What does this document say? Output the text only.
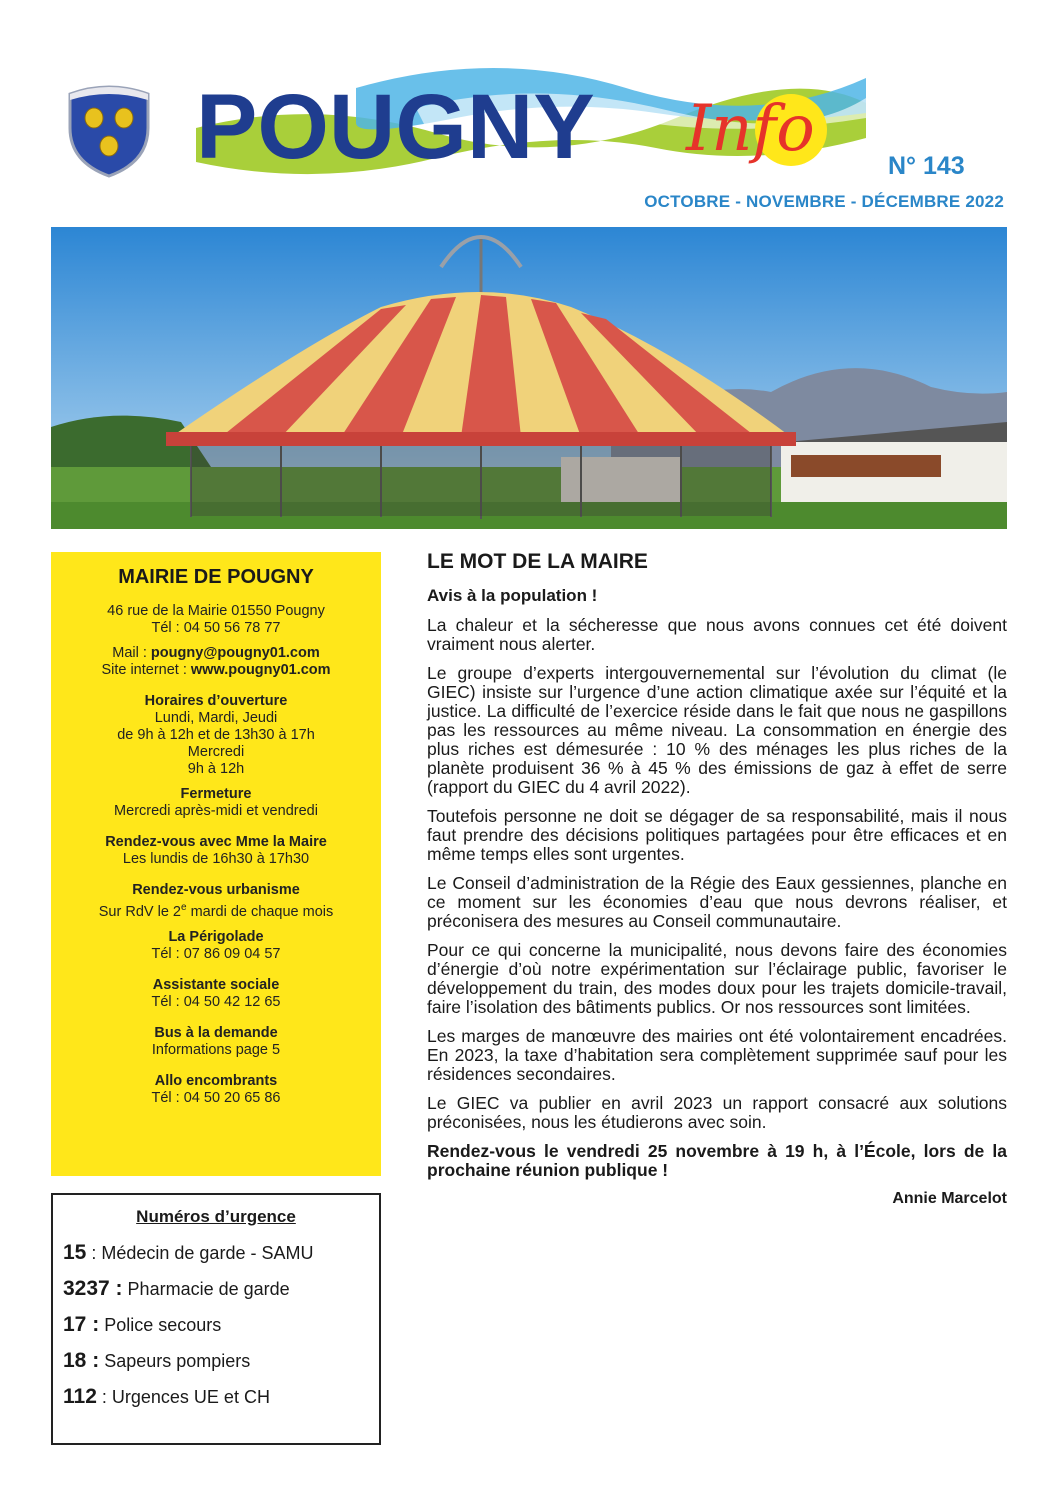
POUGNY Info	N° 143
OCTOBRE - NOVEMBRE - DÉCEMBRE 2022
MAIRIE DE POUGNY
46 rue de la Mairie 01550 Pougny
Tél : 04 50 56 78 77
Mail : pougny@pougny01.com
Site internet : www.pougny01.com
Horaires d’ouverture
Lundi, Mardi, Jeudi
de 9h à 12h et de 13h30 à 17h
Mercredi
9h à 12h
Fermeture
Mercredi après-midi et vendredi
Rendez-vous avec Mme la Maire
Les lundis de 16h30 à 17h30
Rendez-vous urbanisme
Sur RdV le 2e mardi de chaque mois
La Périgolade
Tél : 07 86 09 04 57
Assistante sociale
Tél : 04 50 42 12 65
Bus à la demande
Informations page 5
Allo encombrants
Tél : 04 50 20 65 86
Numéros d’urgence
15 : Médecin de garde - SAMU
3237 : Pharmacie de garde
17 : Police secours
18 : Sapeurs pompiers
112 : Urgences UE et CH
LE MOT DE LA MAIRE
Avis à la population !

La chaleur et la sécheresse que nous avons connues cet été doivent vraiment nous alerter.

Le groupe d’experts intergouvernemental sur l’évolution du climat (le GIEC) insiste sur l’urgence d’une action climatique axée sur l’équité et la justice. La difficulté de l’exercice réside dans le fait que nous ne gaspillons pas les ressources au même niveau. La consommation en énergie des plus riches est démesurée : 10 % des ménages les plus riches de la planète produisent 36 % à 45 % des émissions de gaz à effet de serre (rapport du GIEC du 4 avril 2022).

Toutefois personne ne doit se dégager de sa responsabilité, mais il nous faut prendre des décisions politiques partagées pour être efficaces et en même temps elles sont urgentes.

Le Conseil d’administration de la Régie des Eaux gessiennes, planche en ce moment sur les économies d’eau que nous devrons réaliser, et préconisera des mesures au Conseil communautaire.

Pour ce qui concerne la municipalité, nous devons faire des économies d’énergie d’où notre expérimentation sur l’éclairage public, favoriser le développement du train, des modes doux pour les trajets domicile-travail, faire l’isolation des bâtiments publics. Or nos ressources sont limitées.

Les marges de manœuvre des mairies ont été volontairement encadrées. En 2023, la taxe d’habitation sera complètement supprimée sauf pour les résidences secondaires.

Le GIEC va publier en avril 2023 un rapport consacré aux solutions préconisées, nous les étudierons avec soin.

Rendez-vous le vendredi 25 novembre à 19 h, à l’École, lors de la prochaine réunion publique !

Annie Marcelot
